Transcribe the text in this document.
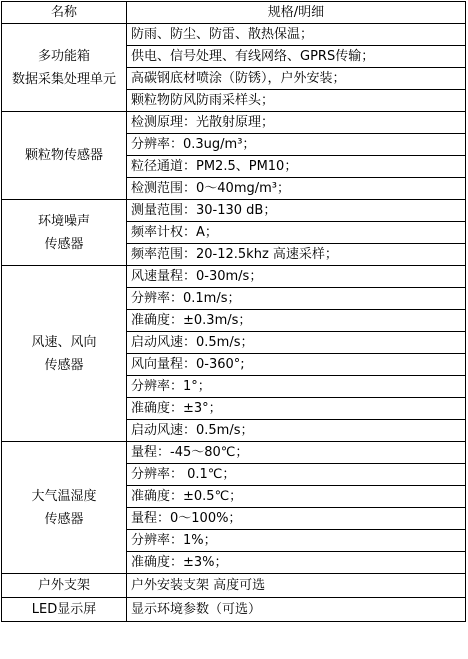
名称	规格/明细

多功能箱
数据采集处理单元	防雨、防尘、防雷、散热保温；
	供电、信号处理、有线网络、GPRS传输；
	高碳钢底材喷涂（防锈），户外安装；
	颗粒物防风防雨采样头；

颗粒物传感器	检测原理：光散射原理；
	分辨率：0.3ug/m³；
	粒径通道：PM2.5、PM10；
	检测范围：0～40mg/m³；

环境噪声
传感器	测量范围：30-130 dB；
	频率计权：A；
	频率范围：20-12.5khz 高速采样；

风速、风向
传感器	风速量程：0-30m/s；
	分辨率：0.1m/s；
	准确度：±0.3m/s；
	启动风速：0.5m/s；
	风向量程：0-360°;
	分辨率：1°；
	准确度：±3°；
	启动风速：0.5m/s；

大气温湿度
传感器	量程：-45～80℃；
	分辨率： 0.1℃；
	准确度：±0.5℃；
	量程：0～100%；
	分辨率：1%；
	准确度：±3%；

户外支架	户外安装支架 高度可选

LED显示屏	显示环境参数（可选）
